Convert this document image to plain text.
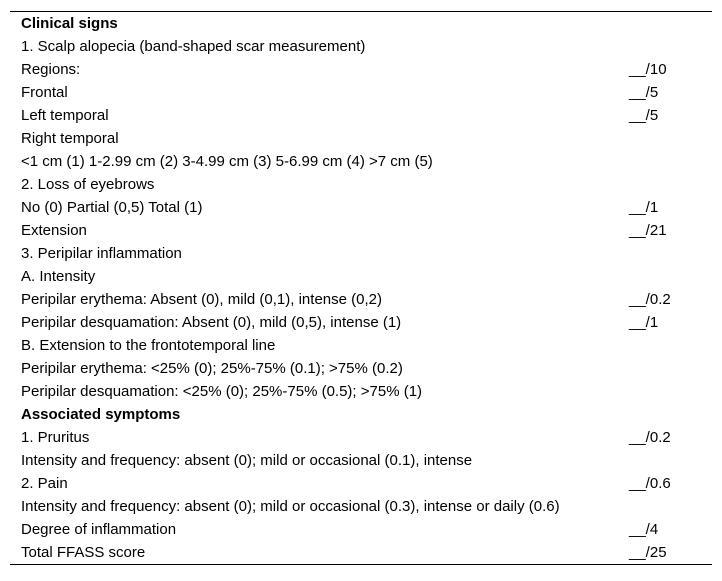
Clinical signs	
1. Scalp alopecia (band-shaped scar measurement)	
Regions:	__/10
Frontal	__/5
Left temporal	__/5
Right temporal	
<1 cm (1) 1-2.99 cm (2) 3-4.99 cm (3) 5-6.99 cm (4) >7 cm (5)	
2. Loss of eyebrows	
No (0) Partial (0,5) Total (1)	__/1
Extension	__/21
3. Peripilar inflammation	
A. Intensity	
Peripilar erythema: Absent (0), mild (0,1), intense (0,2)	__/0.2
Peripilar desquamation: Absent (0), mild (0,5), intense (1)	__/1
B. Extension to the frontotemporal line	
Peripilar erythema: <25% (0); 25%-75% (0.1); >75% (0.2)	
Peripilar desquamation: <25% (0); 25%-75% (0.5); >75% (1)	
Associated symptoms	
1. Pruritus	__/0.2
Intensity and frequency: absent (0); mild or occasional (0.1), intense	
2. Pain	__/0.6
Intensity and frequency: absent (0); mild or occasional (0.3), intense or daily (0.6)	
Degree of inflammation	__/4
Total FFASS score	__/25
